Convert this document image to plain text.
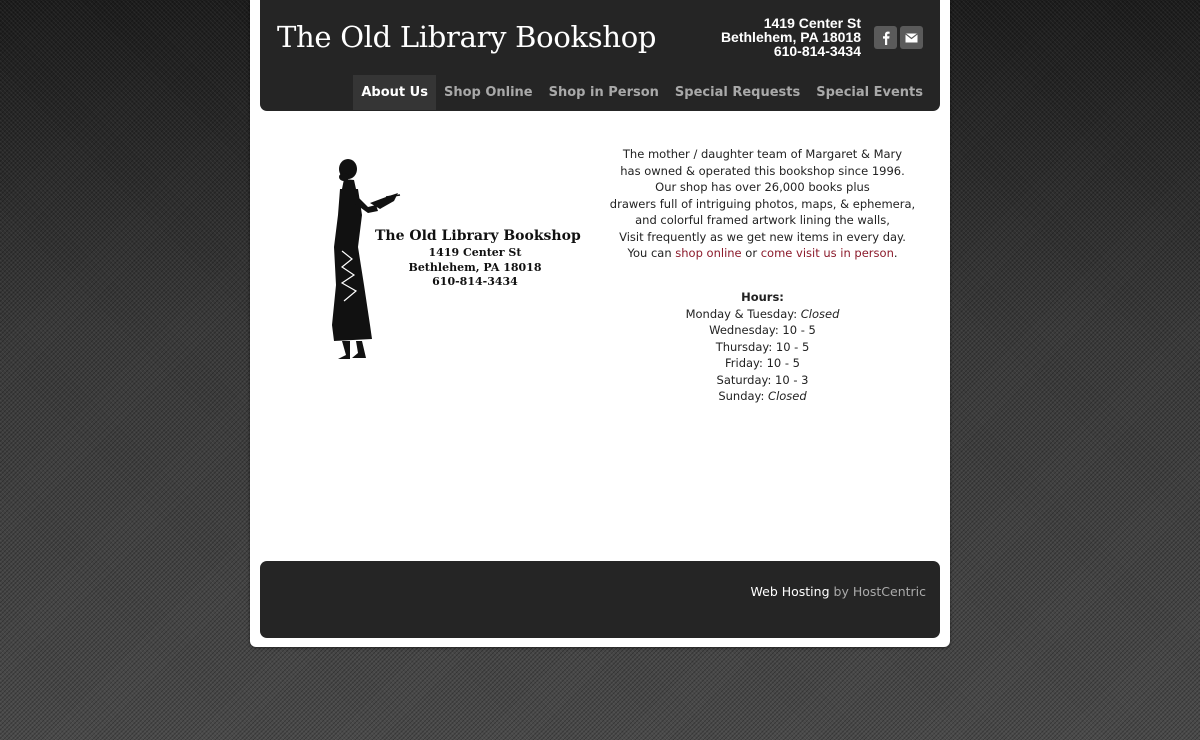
The Old Library Bookshop	1419 Center St
Bethlehem, PA 18018
610-814-3434
About Us	Shop Online	Shop in Person	Special Requests	Special Events
The Old Library Bookshop
1419 Center St
Bethlehem, PA 18018
610-814-3434

The mother / daughter team of Margaret & Mary

has owned & operated this bookshop since 1996.

Our shop has over 26,000 books plus

drawers full of intriguing photos, maps, & ephemera,

and colorful framed artwork lining the walls,

Visit frequently as we get new items in every day.

You can shop online or come visit us in person.

Hours:
Monday & Tuesday: Closed
Wednesday: 10 - 5
Thursday: 10 - 5
Friday: 10 - 5
Saturday: 10 - 3
Sunday: Closed
Web Hosting by HostCentric
